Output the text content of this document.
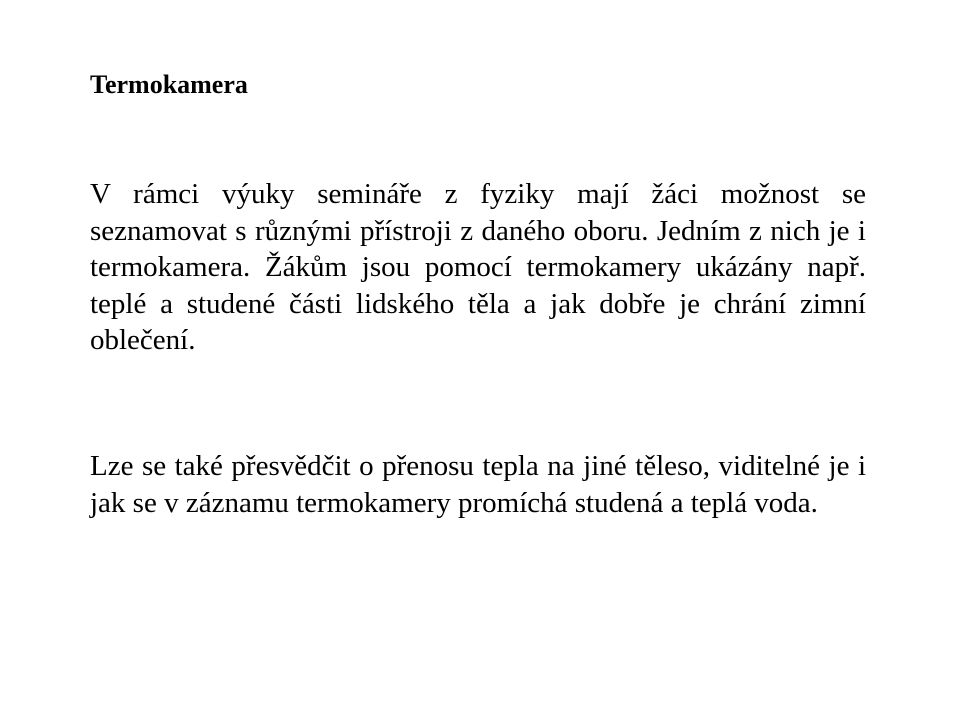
Termokamera

V rámci výuky semináře z fyziky mají žáci možnost se seznamovat s různými přístroji z daného oboru. Jedním z nich je i termokamera. Žákům jsou pomocí termokamery ukázány např. teplé a studené části lidského těla a jak dobře je chrání zimní oblečení.

Lze se také přesvědčit o přenosu tepla na jiné těleso, viditelné je i jak se v záznamu termokamery promíchá studená a teplá voda.
